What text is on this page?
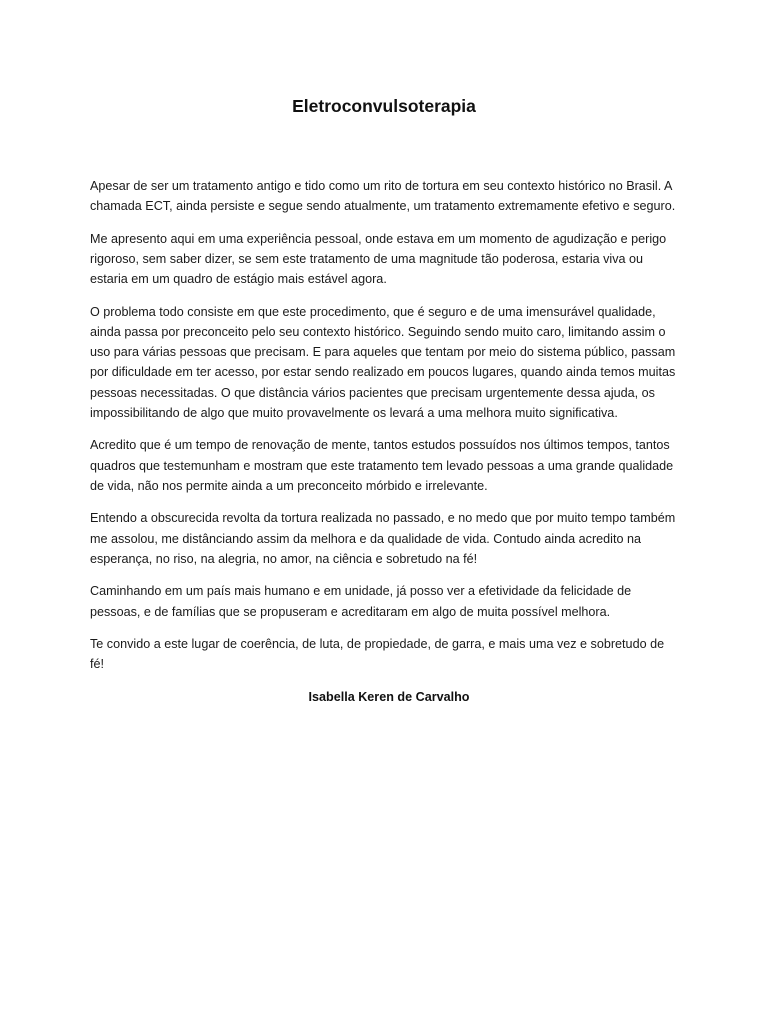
Eletroconvulsoterapia

Apesar de ser um tratamento antigo e tido como um rito de tortura em seu contexto histórico no Brasil. A chamada ECT, ainda persiste e segue sendo atualmente, um tratamento extremamente efetivo e seguro.

Me apresento aqui em uma experiência pessoal, onde estava em um momento de agudização e perigo rigoroso, sem saber dizer, se sem este tratamento de uma magnitude tão poderosa, estaria viva ou estaria em um quadro de estágio mais estável agora.

O problema todo consiste em que este procedimento, que é seguro e de uma imensurável qualidade, ainda passa por preconceito pelo seu contexto histórico. Seguindo sendo muito caro, limitando assim o uso para várias pessoas que precisam. E para aqueles que tentam por meio do sistema público, passam por dificuldade em ter acesso, por estar sendo realizado em poucos lugares, quando ainda temos muitas pessoas necessitadas. O que distância vários pacientes que precisam urgentemente dessa ajuda, os impossibilitando de algo que muito provavelmente os levará a uma melhora muito significativa.

Acredito que é um tempo de renovação de mente, tantos estudos possuídos nos últimos tempos, tantos quadros que testemunham e mostram que este tratamento tem levado pessoas a uma grande qualidade de vida, não nos permite ainda a um preconceito mórbido e irrelevante.

Entendo a obscurecida revolta da tortura realizada no passado, e no medo que por muito tempo também me assolou, me distânciando assim da melhora e da qualidade de vida. Contudo ainda acredito na esperança, no riso, na alegria, no amor, na ciência e sobretudo na fé!

Caminhando em um país mais humano e em unidade, já posso ver a efetividade da felicidade de pessoas, e de famílias que se propuseram e acreditaram em algo de muita possível melhora.

Te convido a este lugar de coerência, de luta, de propiedade, de garra, e mais uma vez e sobretudo de fé!

Isabella Keren de Carvalho
